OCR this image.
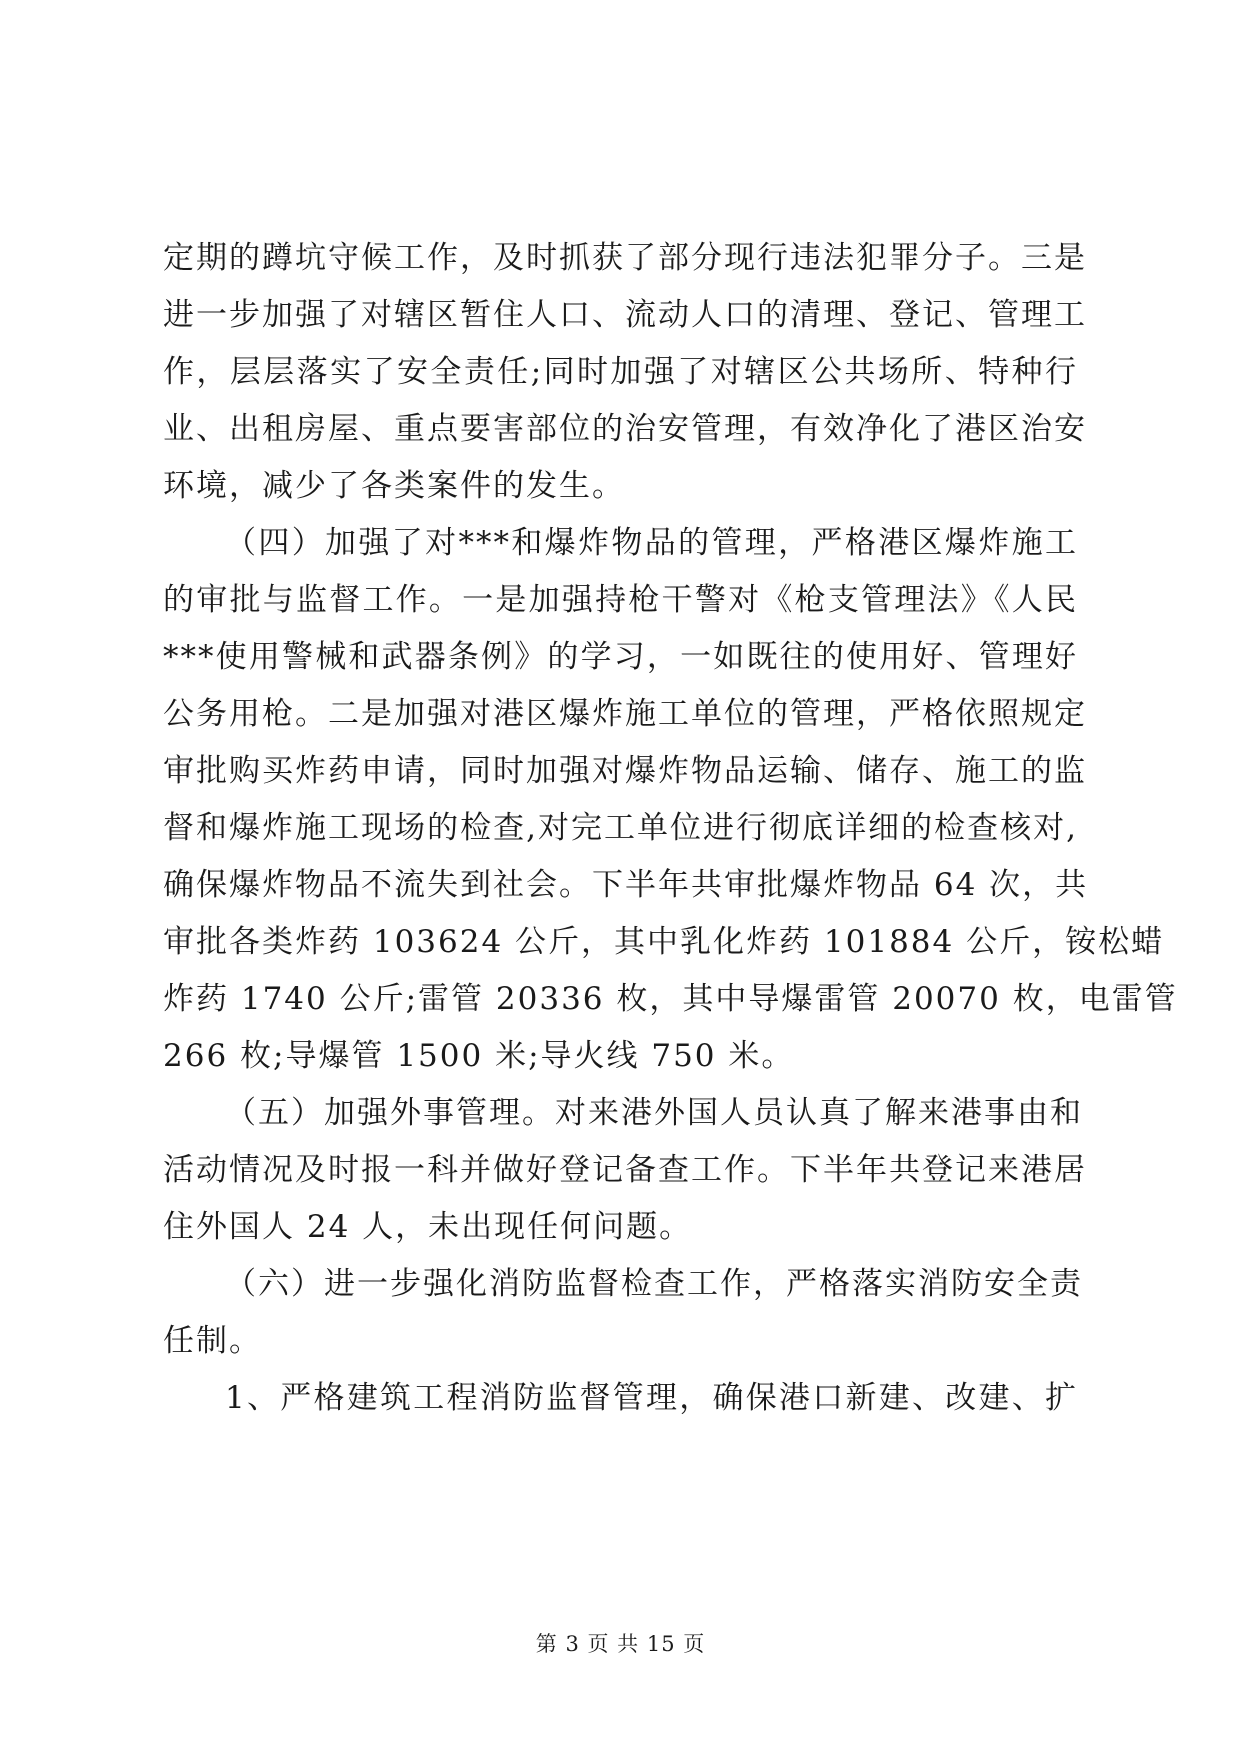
定期的蹲坑守候工作，及时抓获了部分现行违法犯罪分子。三是
进一步加强了对辖区暂住人口、流动人口的清理、登记、管理工
作，层层落实了安全责任;同时加强了对辖区公共场所、特种行
业、出租房屋、重点要害部位的治安管理，有效净化了港区治安
环境，减少了各类案件的发生。
（四）加强了对***和爆炸物品的管理，严格港区爆炸施工
的审批与监督工作。一是加强持枪干警对《枪支管理法》《人民
***使用警械和武器条例》的学习，一如既往的使用好、管理好
公务用枪。二是加强对港区爆炸施工单位的管理，严格依照规定
审批购买炸药申请，同时加强对爆炸物品运输、储存、施工的监
督和爆炸施工现场的检查,对完工单位进行彻底详细的检查核对,
确保爆炸物品不流失到社会。下半年共审批爆炸物品 64 次，共
审批各类炸药 103624 公斤，其中乳化炸药 101884 公斤，铵松蜡
炸药 1740 公斤;雷管 20336 枚，其中导爆雷管 20070 枚，电雷管
266 枚;导爆管 1500 米;导火线 750 米。
（五）加强外事管理。对来港外国人员认真了解来港事由和
活动情况及时报一科并做好登记备查工作。下半年共登记来港居
住外国人 24 人，未出现任何问题。
（六）进一步强化消防监督检查工作，严格落实消防安全责
任制。
1、严格建筑工程消防监督管理，确保港口新建、改建、扩
第 3 页 共 15 页
